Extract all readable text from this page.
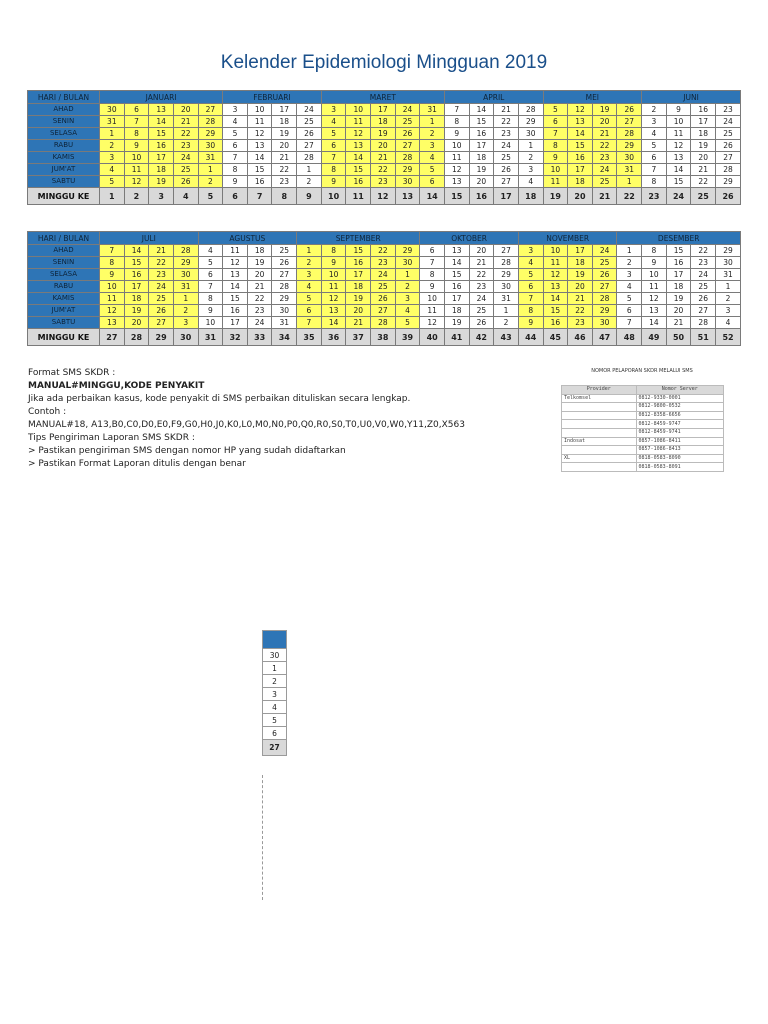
Kelender Epidemiologi Mingguan 2019
HARI / BULAN	JANUARI					FEBRUARI				MARET					APRIL				MEI				JUNI			
AHAD	30	6	13	20	27	3	10	17	24	3	10	17	24	31	7	14	21	28	5	12	19	26	2	9	16	23
SENIN	31	7	14	21	28	4	11	18	25	4	11	18	25	1	8	15	22	29	6	13	20	27	3	10	17	24
SELASA	1	8	15	22	29	5	12	19	26	5	12	19	26	2	9	16	23	30	7	14	21	28	4	11	18	25
RABU	2	9	16	23	30	6	13	20	27	6	13	20	27	3	10	17	24	1	8	15	22	29	5	12	19	26
KAMIS	3	10	17	24	31	7	14	21	28	7	14	21	28	4	11	18	25	2	9	16	23	30	6	13	20	27
JUM'AT	4	11	18	25	1	8	15	22	1	8	15	22	29	5	12	19	26	3	10	17	24	31	7	14	21	28
SABTU	5	12	19	26	2	9	16	23	2	9	16	23	30	6	13	20	27	4	11	18	25	1	8	15	22	29
MINGGU KE	1	2	3	4	5	6	7	8	9	10	11	12	13	14	15	16	17	18	19	20	21	22	23	24	25	26
HARI / BULAN	JULI				AGUSTUS				SEPTEMBER					OKTOBER				NOVEMBER				DESEMBER				
AHAD	7	14	21	28	4	11	18	25	1	8	15	22	29	6	13	20	27	3	10	17	24	1	8	15	22	29
SENIN	8	15	22	29	5	12	19	26	2	9	16	23	30	7	14	21	28	4	11	18	25	2	9	16	23	30
SELASA	9	16	23	30	6	13	20	27	3	10	17	24	1	8	15	22	29	5	12	19	26	3	10	17	24	31
RABU	10	17	24	31	7	14	21	28	4	11	18	25	2	9	16	23	30	6	13	20	27	4	11	18	25	1
KAMIS	11	18	25	1	8	15	22	29	5	12	19	26	3	10	17	24	31	7	14	21	28	5	12	19	26	2
JUM'AT	12	19	26	2	9	16	23	30	6	13	20	27	4	11	18	25	1	8	15	22	29	6	13	20	27	3
SABTU	13	20	27	3	10	17	24	31	7	14	21	28	5	12	19	26	2	9	16	23	30	7	14	21	28	4
MINGGU KE	27	28	29	30	31	32	33	34	35	36	37	38	39	40	41	42	43	44	45	46	47	48	49	50	51	52
Format SMS SKDR :
MANUAL#MINGGU,KODE PENYAKIT
Jika ada perbaikan kasus, kode penyakit di SMS perbaikan dituliskan secara lengkap.
Contoh :
MANUAL#18, A13,B0,C0,D0,E0,F9,G0,H0,J0,K0,L0,M0,N0,P0,Q0,R0,S0,T0,U0,V0,W0,Y11,Z0,X563
Tips Pengiriman Laporan SMS SKDR :
> Pastikan pengiriman SMS dengan nomor HP yang sudah didaftarkan
> Pastikan Format Laporan ditulis dengan benar
NOMOR PELAPORAN SKDR MELALUI SMS
Provider	Nomor Server
Telkomsel	0812-9330-0001
	0812-9800-0532
	0812-8358-6656
	0812-8459-9747
	0812-8459-9741
Indosat	0857-1086-8411
	0857-1086-8413
XL	0818-0583-8090
	0818-0583-8091

30
1
2
3
4
5
6
27
